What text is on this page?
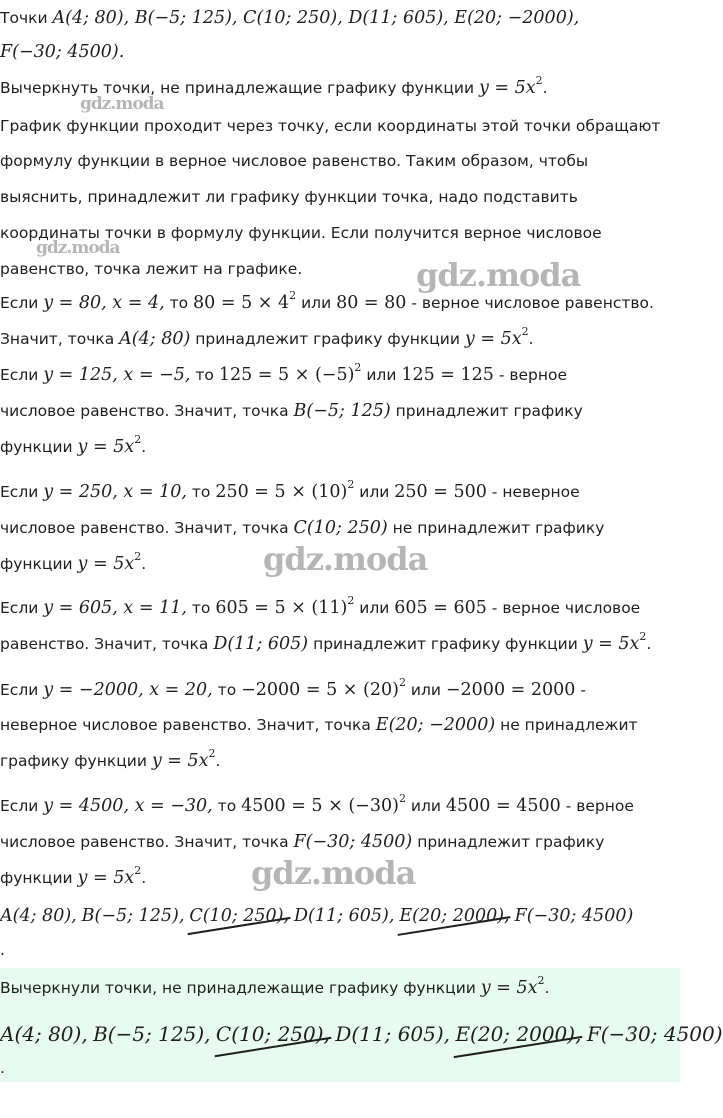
Точки A(4; 80), B(−5; 125), C(10; 250), D(11; 605), E(20; −2000),
F(−30; 4500).
Вычеркнуть точки, не принадлежащие графику функции $y = 5x^2$.
График функции проходит через точку, если координаты этой точки обращают
формулу функции в верное числовое равенство. Таким образом, чтобы
выяснить, принадлежит ли графику функции точка, надо подставить
координаты точки в формулу функции. Если получится верное числовое
равенство, точка лежит на графике.
Если y = 80, x = 4, то $80 = 5 \times 4^2$ или 80 = 80 - верное числовое равенство.
Значит, точка A(4; 80) принадлежит графику функции $y = 5x^2$.
Если y = 125, x = −5, то $125 = 5 \times (-5)^2$ или 125 = 125 - верное
числовое равенство. Значит, точка B(−5; 125) принадлежит графику
функции $y = 5x^2$.
Если y = 250, x = 10, то $250 = 5 \times (10)^2$ или 250 = 500 - неверное
числовое равенство. Значит, точка C(10; 250) не принадлежит графику
функции $y = 5x^2$.
Если y = 605, x = 11, то $605 = 5 \times (11)^2$ или 605 = 605 - верное числовое
равенство. Значит, точка D(11; 605) принадлежит графику функции $y = 5x^2$.
Если y = −2000, x = 20, то $-2000 = 5 \times (20)^2$ или −2000 = 2000 -
неверное числовое равенство. Значит, точка E(20; −2000) не принадлежит
графику функции $y = 5x^2$.
Если y = 4500, x = −30, то $4500 = 5 \times (-30)^2$ или 4500 = 4500 - верное
числовое равенство. Значит, точка F(−30; 4500) принадлежит графику
функции $y = 5x^2$.
A(4; 80), B(−5; 125), C(10; 250), D(11; 605), E(20; 2000), F(−30; 4500)
.
Вычеркнули точки, не принадлежащие графику функции $y = 5x^2$.
A(4; 80), B(−5; 125), C(10; 250), D(11; 605), E(20; 2000), F(−30; 4500)
.
gdz.moda
gdz.moda
gdz.moda
gdz.moda
gdz.moda
